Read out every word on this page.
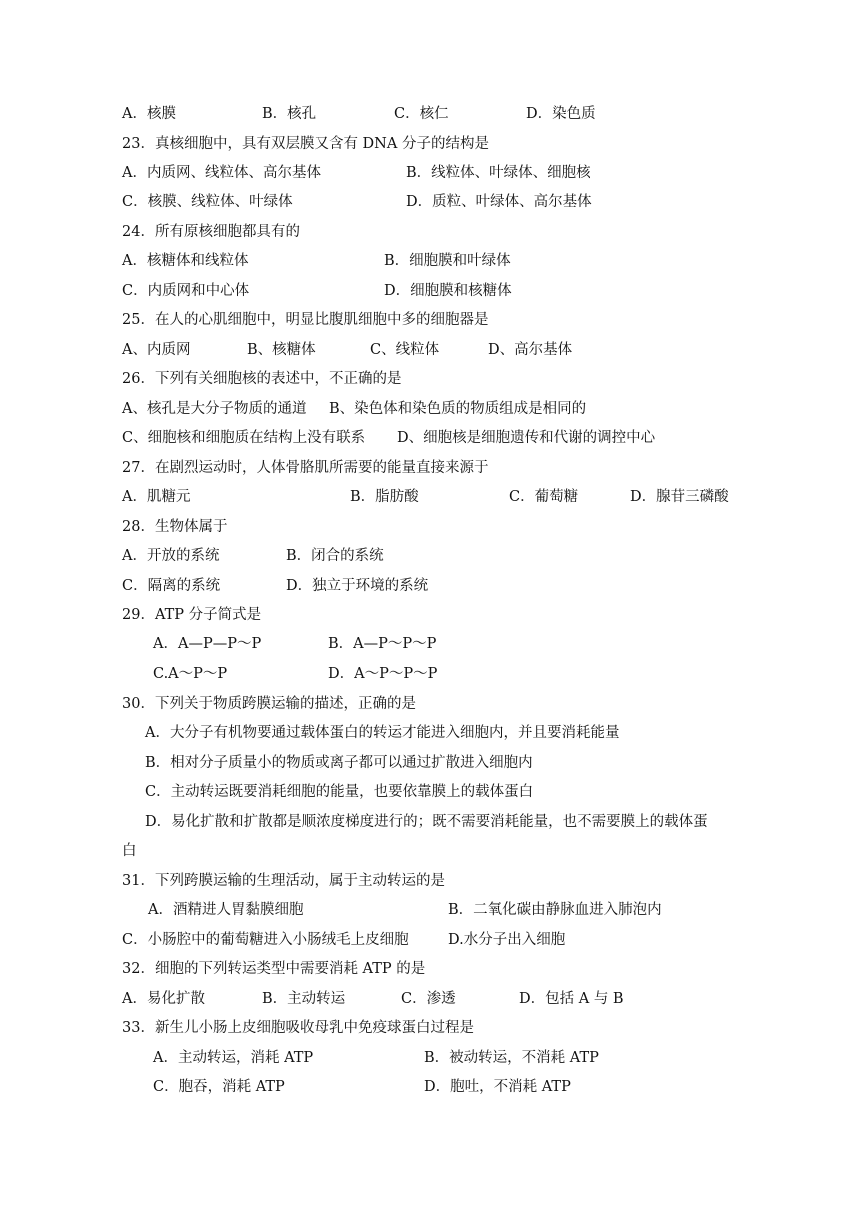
A．核膜	B．核孔	C．核仁	D．染色质
23．真核细胞中，具有双层膜又含有 DNA 分子的结构是
A．内质网、线粒体、高尔基体	B．线粒体、叶绿体、细胞核
C．核膜、线粒体、叶绿体	D．质粒、叶绿体、高尔基体
24．所有原核细胞都具有的
A．核糖体和线粒体	B．细胞膜和叶绿体
C．内质网和中心体	D．细胞膜和核糖体
25．在人的心肌细胞中，明显比腹肌细胞中多的细胞器是
A、内质网	B、核糖体	C、线粒体	D、高尔基体
26．下列有关细胞核的表述中，不正确的是
A、核孔是大分子物质的通道 B、染色体和染色质的物质组成是相同的
C、细胞核和细胞质在结构上没有联系 D、细胞核是细胞遗传和代谢的调控中心
27．在剧烈运动时，人体骨胳肌所需要的能量直接来源于
A．肌糖元	B．脂肪酸	C．葡萄糖	D．腺苷三磷酸
28．生物体属于
A．开放的系统	B．闭合的系统
C．隔离的系统	D．独立于环境的系统
29．ATP 分子简式是
A．A—P—P～P	B．A—P～P～P
C.A～P～P	D．A～P～P～P
30．下列关于物质跨膜运输的描述，正确的是
A．大分子有机物要通过载体蛋白的转运才能进入细胞内，并且要消耗能量
B．相对分子质量小的物质或离子都可以通过扩散进入细胞内
C．主动转运既要消耗细胞的能量，也要依靠膜上的载体蛋白
D．易化扩散和扩散都是顺浓度梯度进行的；既不需要消耗能量，也不需要膜上的载体蛋
白
31．下列跨膜运输的生理活动，属于主动转运的是
A．酒精进人胃黏膜细胞	B．二氧化碳由静脉血进入肺泡内
C．小肠腔中的葡萄糖进入小肠绒毛上皮细胞	D.水分子出入细胞
32．细胞的下列转运类型中需要消耗 ATP 的是
A．易化扩散	B．主动转运	C．渗透	D．包括 A 与 B
33．新生儿小肠上皮细胞吸收母乳中免疫球蛋白过程是
A．主动转运，消耗 ATP	B．被动转运，不消耗 ATP
C．胞吞，消耗 ATP	D．胞吐，不消耗 ATP
